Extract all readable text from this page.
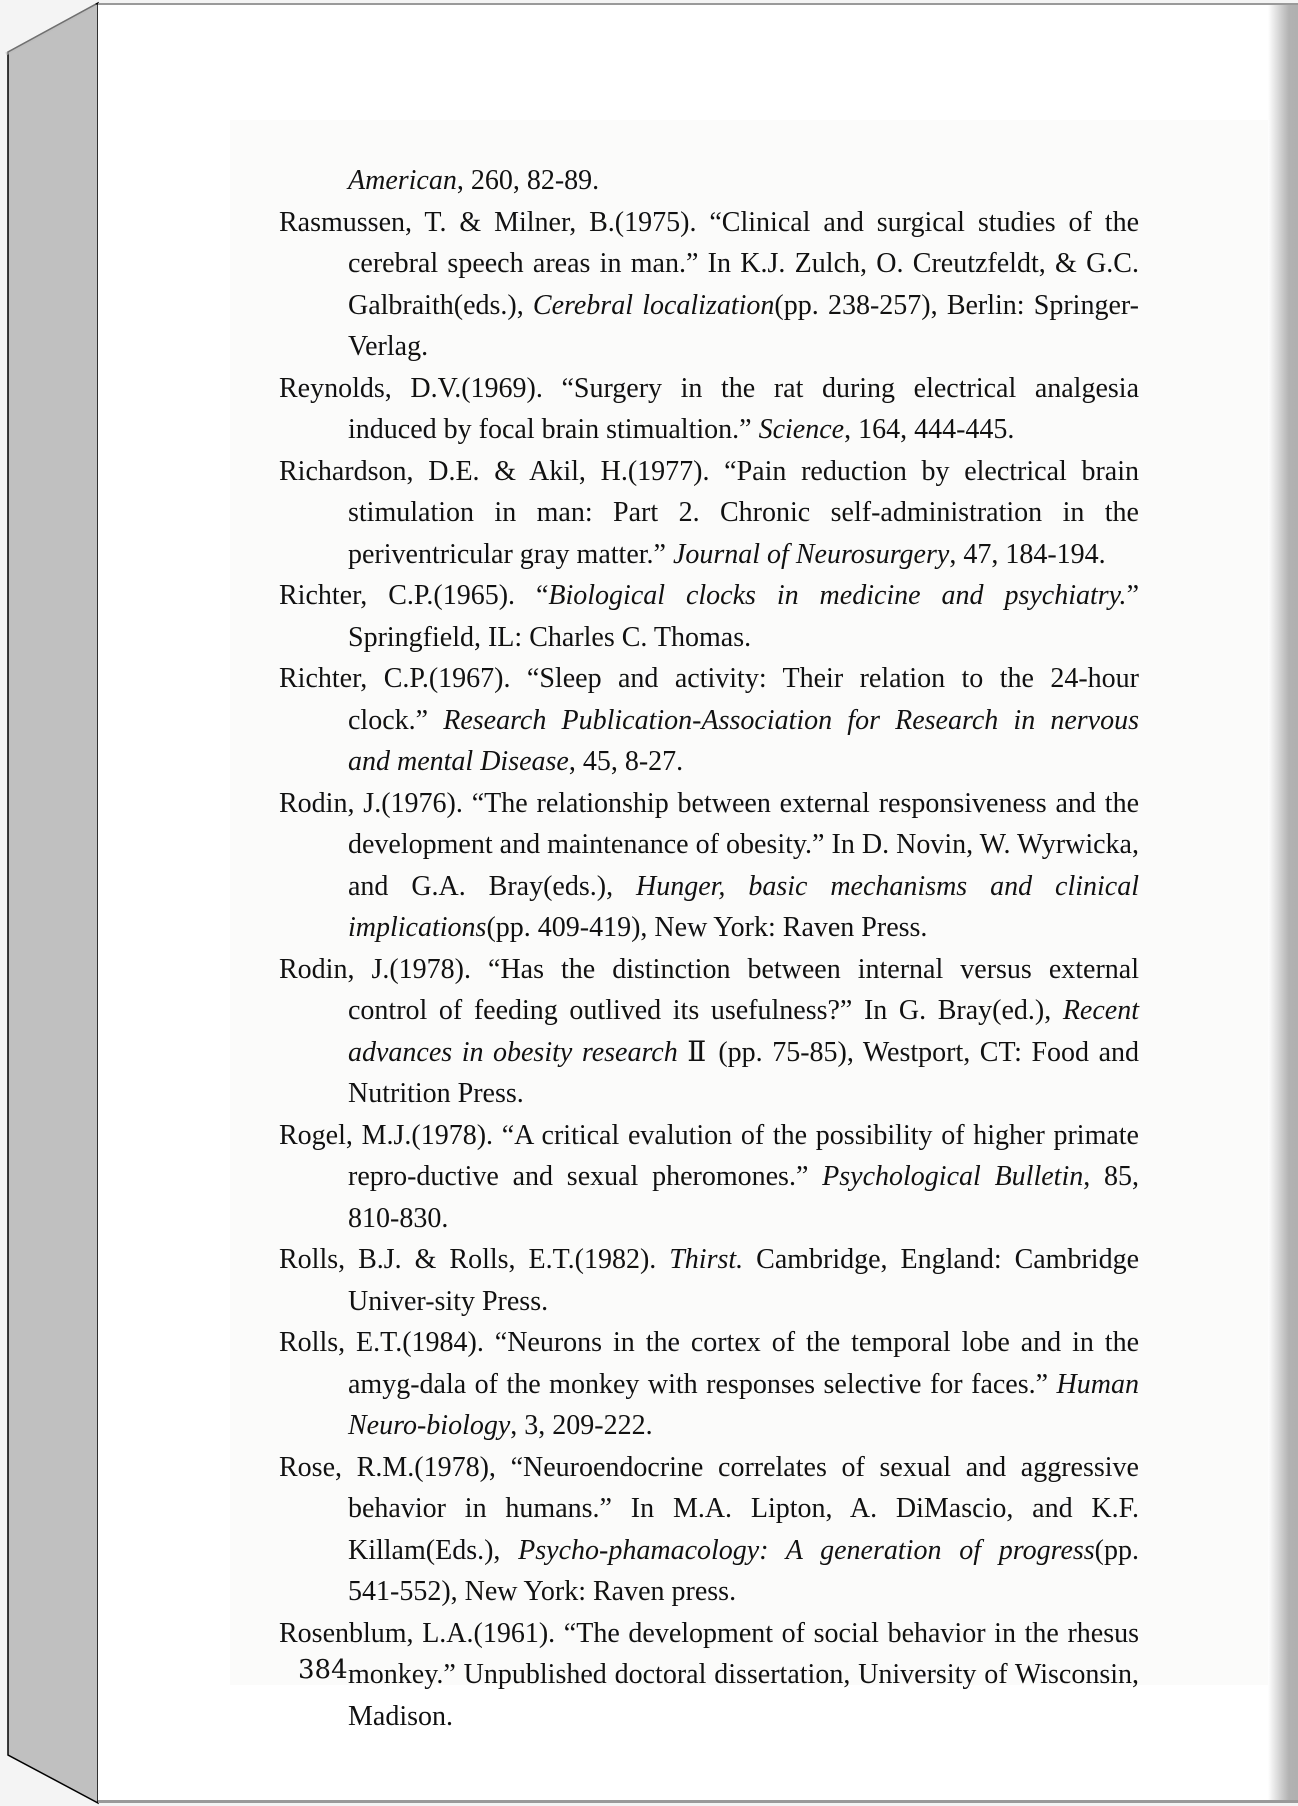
American, 260, 82-89.

Rasmussen, T. & Milner, B.(1975). “Clinical and surgical studies of the cerebral speech areas in man.” In K.J. Zulch, O. Creutzfeldt, & G.C. Galbraith(eds.), Cerebral localization(pp. 238-257), Berlin: Springer-Verlag.

Reynolds, D.V.(1969). “Surgery in the rat during electrical analgesia induced by focal brain stimualtion.” Science, 164, 444-445.

Richardson, D.E. & Akil, H.(1977). “Pain reduction by electrical brain stimulation in man: Part 2. Chronic self-administration in the periventricular gray matter.” Journal of Neurosurgery, 47, 184-194.

Richter, C.P.(1965). “Biological clocks in medicine and psychiatry.” Springfield, IL: Charles C. Thomas.

Richter, C.P.(1967). “Sleep and activity: Their relation to the 24-hour clock.” Research Publication-Association for Research in nervous and mental Disease, 45, 8-27.

Rodin, J.(1976). “The relationship between external responsiveness and the development and maintenance of obesity.” In D. Novin, W. Wyrwicka, and G.A. Bray(eds.), Hunger, basic mechanisms and clinical implications(pp. 409-419), New York: Raven Press.

Rodin, J.(1978). “Has the distinction between internal versus external control of feeding outlived its usefulness?” In G. Bray(ed.), Recent advances in obesity research Ⅱ (pp. 75-85), Westport, CT: Food and Nutrition Press.

Rogel, M.J.(1978). “A critical evalution of the possibility of higher primate repro-ductive and sexual pheromones.” Psychological Bulletin, 85, 810-830.

Rolls, B.J. & Rolls, E.T.(1982). Thirst. Cambridge, England: Cambridge Univer-sity Press.

Rolls, E.T.(1984). “Neurons in the cortex of the temporal lobe and in the amyg-dala of the monkey with responses selective for faces.” Human Neuro-biology, 3, 209-222.

Rose, R.M.(1978), “Neuroendocrine correlates of sexual and aggressive behavior in humans.” In M.A. Lipton, A. DiMascio, and K.F. Killam(Eds.), Psycho-phamacology: A generation of progress(pp. 541-552), New York: Raven press.

Rosenblum, L.A.(1961). “The development of social behavior in the rhesus monkey.” Unpublished doctoral dissertation, University of Wisconsin, Madison.

384
